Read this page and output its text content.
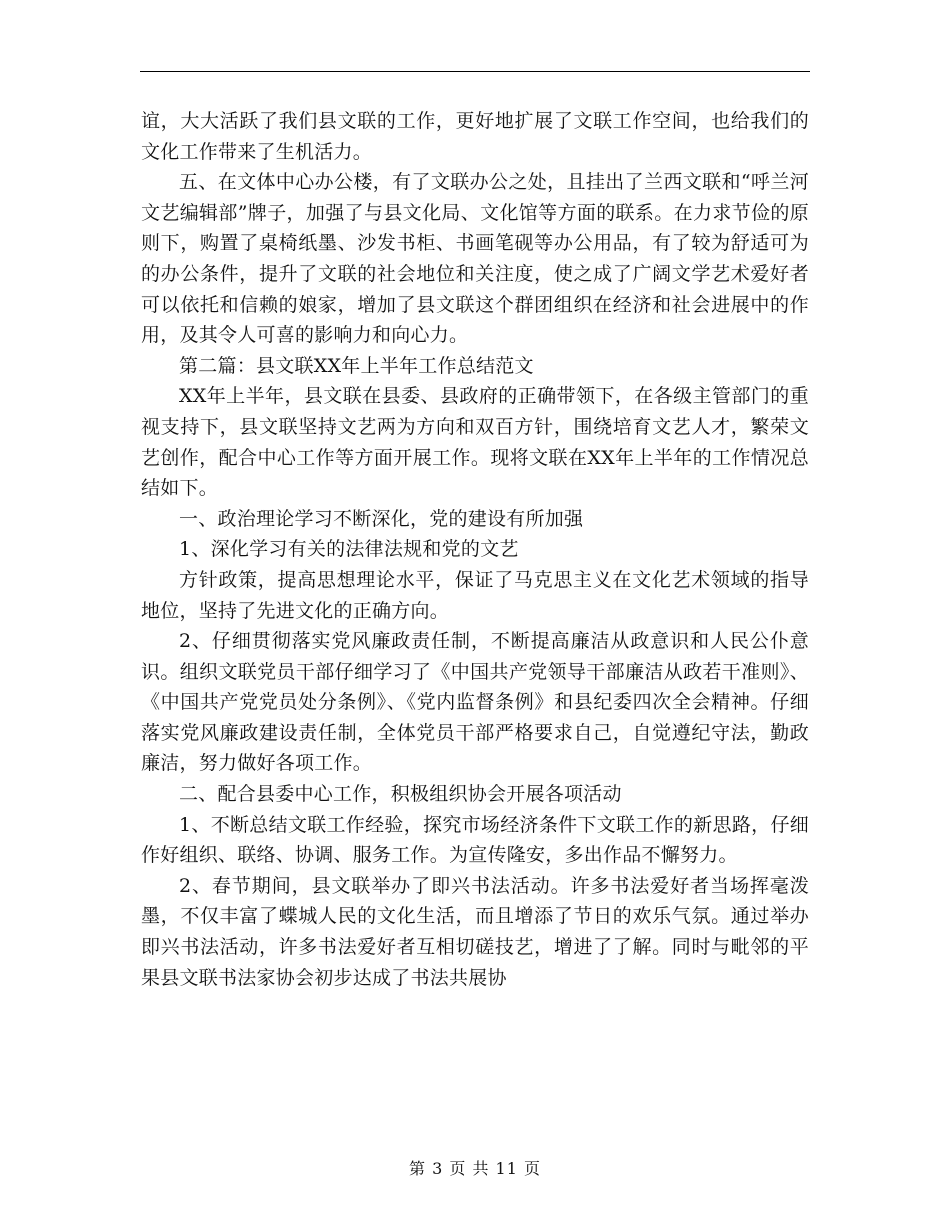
谊，大大活跃了我们县文联的工作，更好地扩展了文联工作空间，也给我们的文化工作带来了生机活力。

五、在文体中心办公楼，有了文联办公之处，且挂出了兰西文联和“呼兰河文艺编辑部”牌子，加强了与县文化局、文化馆等方面的联系。在力求节俭的原则下，购置了桌椅纸墨、沙发书柜、书画笔砚等办公用品，有了较为舒适可为的办公条件，提升了文联的社会地位和关注度，使之成了广阔文学艺术爱好者可以依托和信赖的娘家，增加了县文联这个群团组织在经济和社会进展中的作用，及其令人可喜的影响力和向心力。

第二篇：县文联XX年上半年工作总结范文

XX年上半年，县文联在县委、县政府的正确带领下，在各级主管部门的重视支持下，县文联坚持文艺两为方向和双百方针，围绕培育文艺人才，繁荣文艺创作，配合中心工作等方面开展工作。现将文联在XX年上半年的工作情况总结如下。

一、政治理论学习不断深化，党的建设有所加强

1、深化学习有关的法律法规和党的文艺

方针政策，提高思想理论水平，保证了马克思主义在文化艺术领域的指导地位，坚持了先进文化的正确方向。

2、仔细贯彻落实党风廉政责任制，不断提高廉洁从政意识和人民公仆意识。组织文联党员干部仔细学习了《中国共产党领导干部廉洁从政若干准则》、《中国共产党党员处分条例》、《党内监督条例》和县纪委四次全会精神。仔细落实党风廉政建设责任制，全体党员干部严格要求自己，自觉遵纪守法，勤政廉洁，努力做好各项工作。

二、配合县委中心工作，积极组织协会开展各项活动

1、不断总结文联工作经验，探究市场经济条件下文联工作的新思路，仔细作好组织、联络、协调、服务工作。为宣传隆安，多出作品不懈努力。

2、春节期间，县文联举办了即兴书法活动。许多书法爱好者当场挥毫泼墨，不仅丰富了蝶城人民的文化生活，而且增添了节日的欢乐气氛。通过举办即兴书法活动，许多书法爱好者互相切磋技艺，增进了了解。同时与毗邻的平果县文联书法家协会初步达成了书法共展协

第 3 页 共 11 页
